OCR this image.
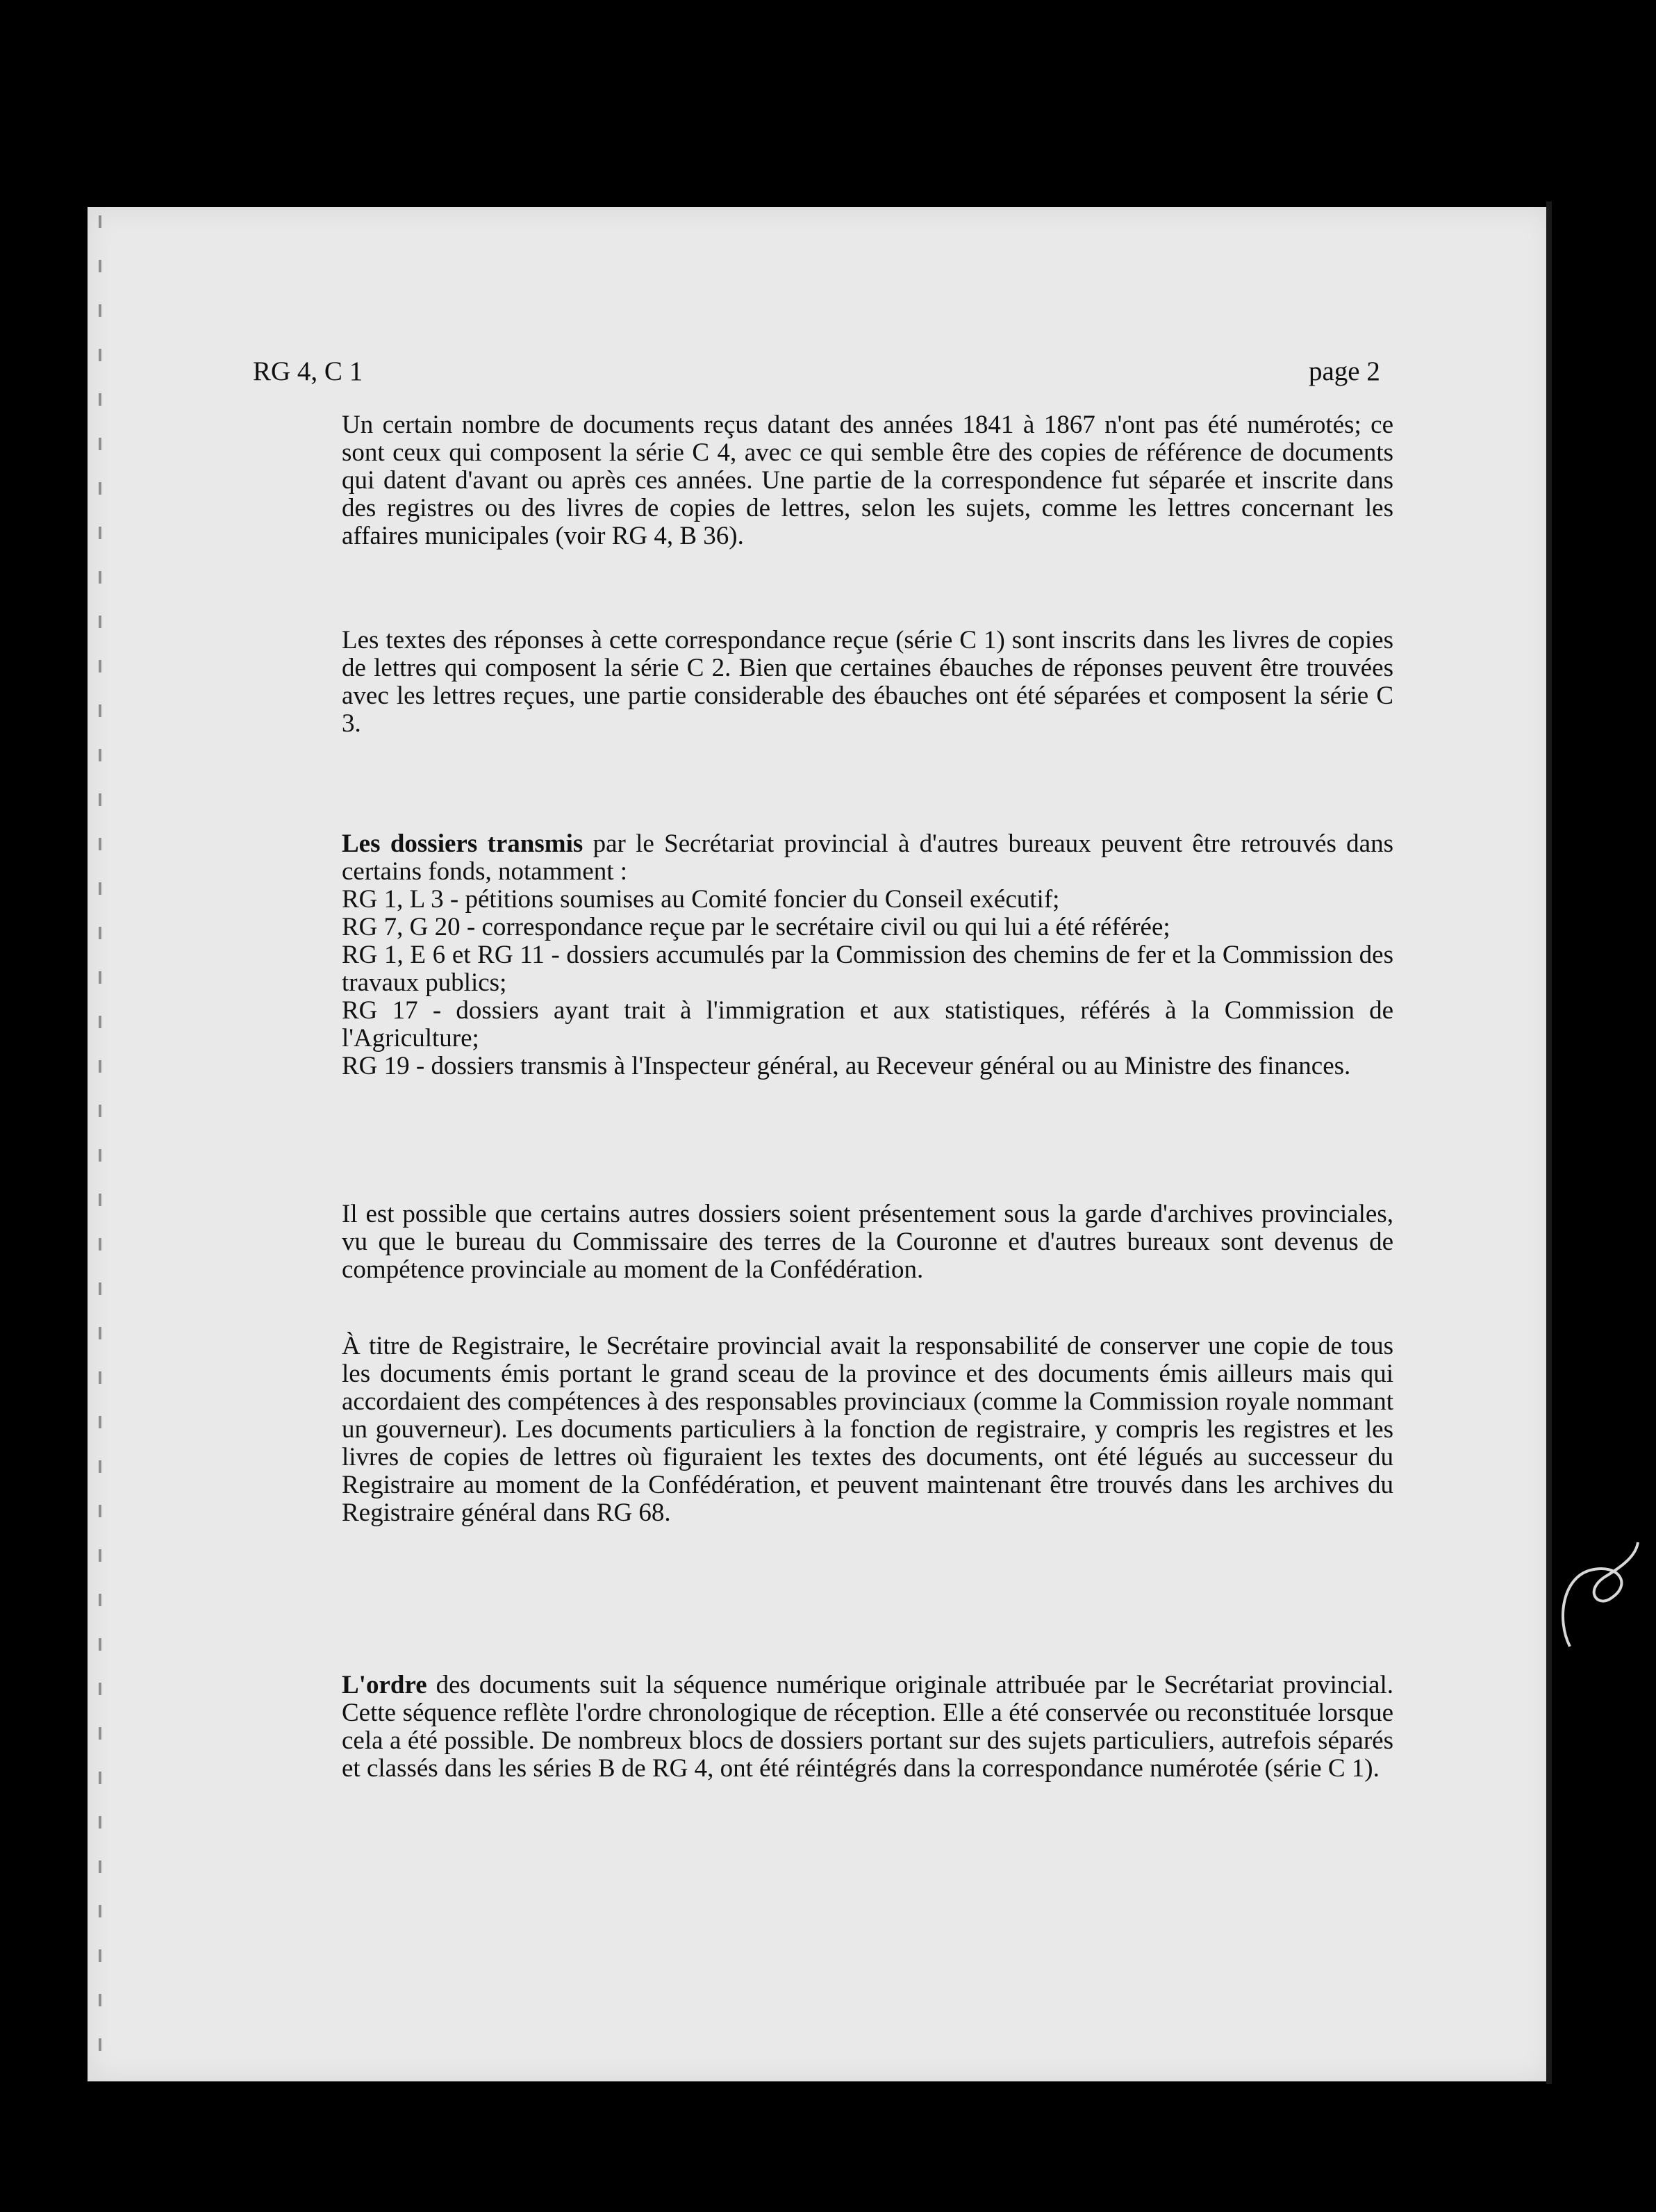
RG 4, C 1	page 2

Un certain nombre de documents reçus datant des années 1841 à 1867 n'ont pas été numérotés; ce sont ceux qui composent la série C 4, avec ce qui semble être des copies de référence de documents qui datent d'avant ou après ces années. Une partie de la correspondence fut séparée et inscrite dans des registres ou des livres de copies de lettres, selon les sujets, comme les lettres concernant les affaires municipales (voir RG 4, B 36).

Les textes des réponses à cette correspondance reçue (série C 1) sont inscrits dans les livres de copies de lettres qui composent la série C 2. Bien que certaines ébauches de réponses peuvent être trouvées avec les lettres reçues, une partie considerable des ébauches ont été séparées et composent la série C 3.

Les dossiers transmis par le Secrétariat provincial à d'autres bureaux peuvent être retrouvés dans certains fonds, notamment :

RG 1, L 3 - pétitions soumises au Comité foncier du Conseil exécutif;

RG 7, G 20 - correspondance reçue par le secrétaire civil ou qui lui a été référée;

RG 1, E 6 et RG 11 - dossiers accumulés par la Commission des chemins de fer et la Commission des travaux publics;

RG 17 - dossiers ayant trait à l'immigration et aux statistiques, référés à la Commission de l'Agriculture;

RG 19 - dossiers transmis à l'Inspecteur général, au Receveur général ou au Ministre des finances.

Il est possible que certains autres dossiers soient présentement sous la garde d'archives provinciales, vu que le bureau du Commissaire des terres de la Couronne et d'autres bureaux sont devenus de compétence provinciale au moment de la Confédération.

À titre de Registraire, le Secrétaire provincial avait la responsabilité de conserver une copie de tous les documents émis portant le grand sceau de la province et des documents émis ailleurs mais qui accordaient des compétences à des responsables provinciaux (comme la Commission royale nommant un gouverneur). Les documents particuliers à la fonction de registraire, y compris les registres et les livres de copies de lettres où figuraient les textes des documents, ont été légués au successeur du Registraire au moment de la Confédération, et peuvent maintenant être trouvés dans les archives du Registraire général dans RG 68.

L'ordre des documents suit la séquence numérique originale attribuée par le Secrétariat provincial. Cette séquence reflète l'ordre chronologique de réception. Elle a été conservée ou reconstituée lorsque cela a été possible. De nombreux blocs de dossiers portant sur des sujets particuliers, autrefois séparés et classés dans les séries B de RG 4, ont été réintégrés dans la correspondance numérotée (série C 1).
